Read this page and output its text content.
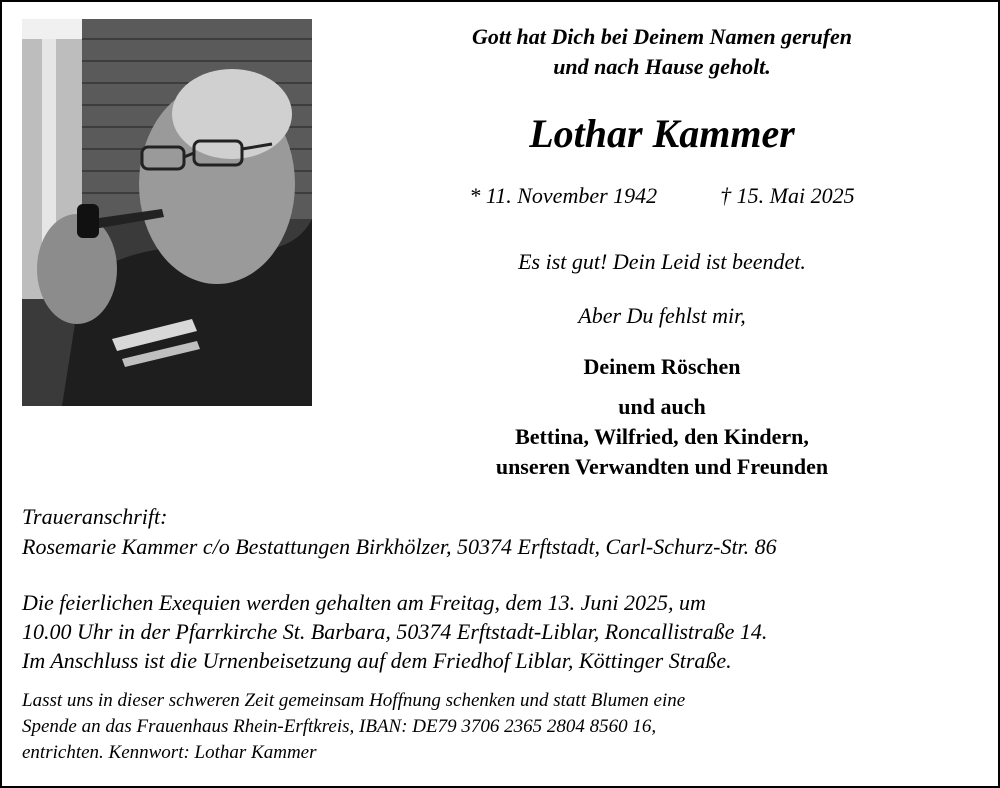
Gott hat Dich bei Deinem Namen gerufen
und nach Hause geholt.
Lothar Kammer
* 11. November 1942	† 15. Mai 2025
Es ist gut! Dein Leid ist beendet.
Aber Du fehlst mir,
Deinem Röschen
und auch
Bettina, Wilfried, den Kindern,
unseren Verwandten und Freunden
Traueranschrift:
Rosemarie Kammer c/o Bestattungen Birkhölzer, 50374 Erftstadt, Carl-Schurz-Str. 86
Die feierlichen Exequien werden gehalten am Freitag, dem 13. Juni 2025, um
10.00 Uhr in der Pfarrkirche St. Barbara, 50374 Erftstadt-Liblar, Roncallistraße 14.
Im Anschluss ist die Urnenbeisetzung auf dem Friedhof Liblar, Köttinger Straße.
Lasst uns in dieser schweren Zeit gemeinsam Hoffnung schenken und statt Blumen eine
Spende an das Frauenhaus Rhein-Erftkreis, IBAN: DE79 3706 2365 2804 8560 16,
entrichten. Kennwort: Lothar Kammer
